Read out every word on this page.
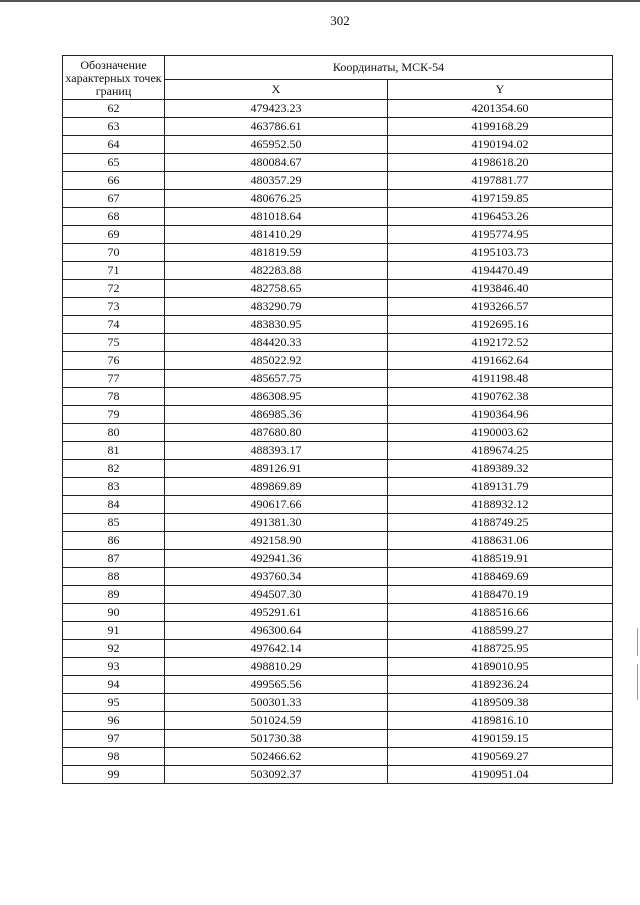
302
Обозначение характерных точек границ	Координаты, МСК-54	
	X	Y
62	479423.23	4201354.60
63	463786.61	4199168.29
64	465952.50	4190194.02
65	480084.67	4198618.20
66	480357.29	4197881.77
67	480676.25	4197159.85
68	481018.64	4196453.26
69	481410.29	4195774.95
70	481819.59	4195103.73
71	482283.88	4194470.49
72	482758.65	4193846.40
73	483290.79	4193266.57
74	483830.95	4192695.16
75	484420.33	4192172.52
76	485022.92	4191662.64
77	485657.75	4191198.48
78	486308.95	4190762.38
79	486985.36	4190364.96
80	487680.80	4190003.62
81	488393.17	4189674.25
82	489126.91	4189389.32
83	489869.89	4189131.79
84	490617.66	4188932.12
85	491381.30	4188749.25
86	492158.90	4188631.06
87	492941.36	4188519.91
88	493760.34	4188469.69
89	494507.30	4188470.19
90	495291.61	4188516.66
91	496300.64	4188599.27
92	497642.14	4188725.95
93	498810.29	4189010.95
94	499565.56	4189236.24
95	500301.33	4189509.38
96	501024.59	4189816.10
97	501730.38	4190159.15
98	502466.62	4190569.27
99	503092.37	4190951.04
